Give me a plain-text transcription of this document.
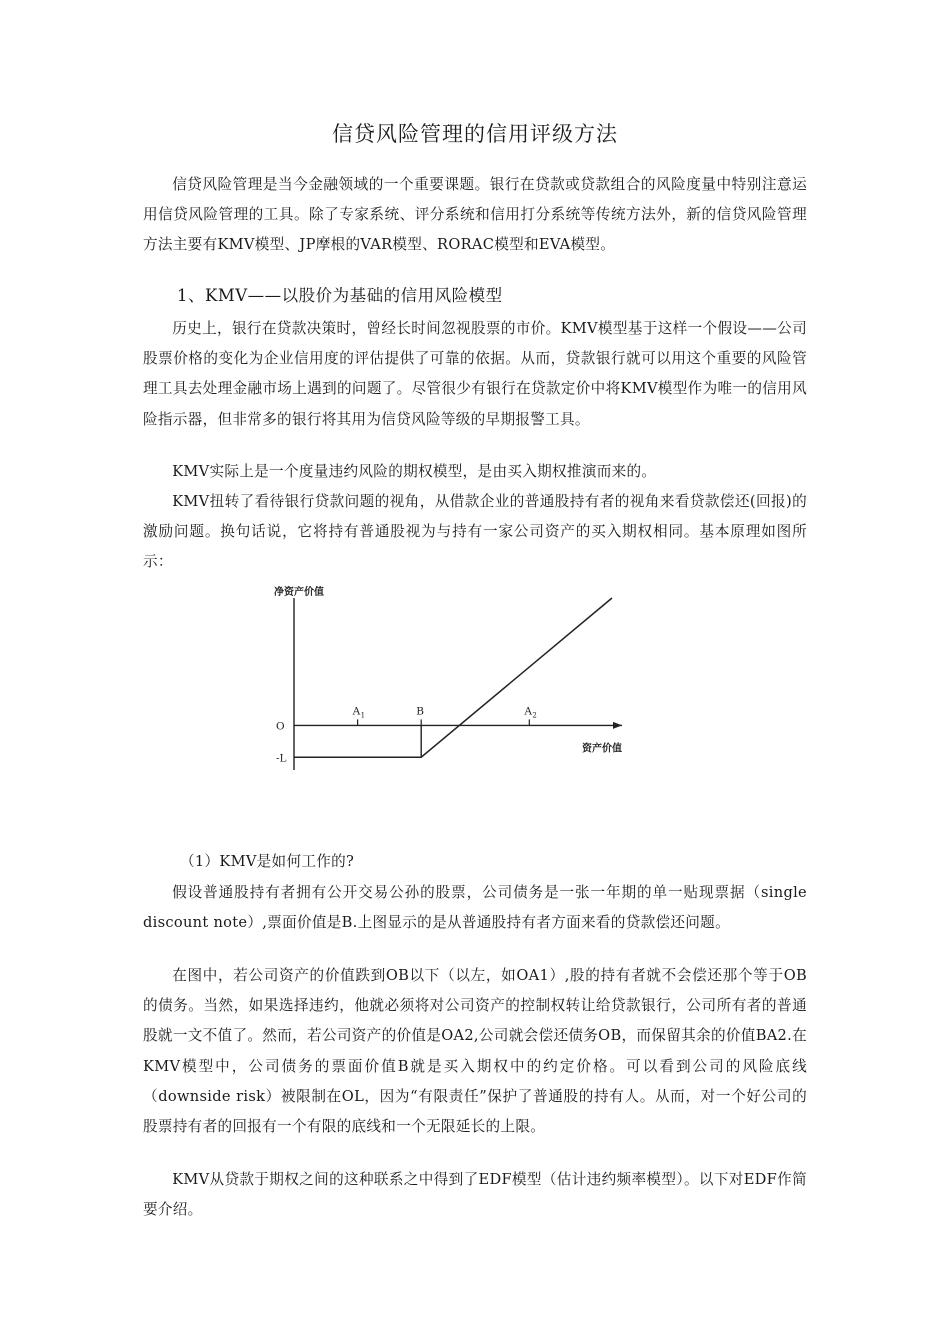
信贷风险管理的信用评级方法

信贷风险管理是当今金融领域的一个重要课题。银行在贷款或贷款组合的风险度量中特别注意运用信贷风险管理的工具。除了专家系统、评分系统和信用打分系统等传统方法外，新的信贷风险管理方法主要有KMV模型、JP摩根的VAR模型、RORAC模型和EVA模型。

1、KMV——以股价为基础的信用风险模型

历史上，银行在贷款决策时，曾经长时间忽视股票的市价。KMV模型基于这样一个假设——公司股票价格的变化为企业信用度的评估提供了可靠的依据。从而，贷款银行就可以用这个重要的风险管理工具去处理金融市场上遇到的问题了。尽管很少有银行在贷款定价中将KMV模型作为唯一的信用风险指示器，但非常多的银行将其用为信贷风险等级的早期报警工具。

KMV实际上是一个度量违约风险的期权模型，是由买入期权推演而来的。

KMV扭转了看待银行贷款问题的视角，从借款企业的普通股持有者的视角来看贷款偿还(回报)的激励问题。换句话说，它将持有普通股视为与持有一家公司资产的买入期权相同。基本原理如图所示：

净资产价值
资产价值
O
-L
A 1	B	A 2
（1）KMV是如何工作的?

假设普通股持有者拥有公开交易公孙的股票，公司债务是一张一年期的单一贴现票据（single discount note）,票面价值是B.上图显示的是从普通股持有者方面来看的贷款偿还问题。

在图中，若公司资产的价值跌到OB以下（以左，如OA1）,股的持有者就不会偿还那个等于OB的债务。当然，如果选择违约，他就必须将对公司资产的控制权转让给贷款银行，公司所有者的普通股就一文不值了。然而，若公司资产的价值是OA2,公司就会偿还债务OB，而保留其余的价值BA2.在KMV模型中，公司债务的票面价值B就是买入期权中的约定价格。可以看到公司的风险底线（downside risk）被限制在OL，因为“有限责任”保护了普通股的持有人。从而，对一个好公司的股票持有者的回报有一个有限的底线和一个无限延长的上限。

KMV从贷款于期权之间的这种联系之中得到了EDF模型（估计违约频率模型）。以下对EDF作简要介绍。
